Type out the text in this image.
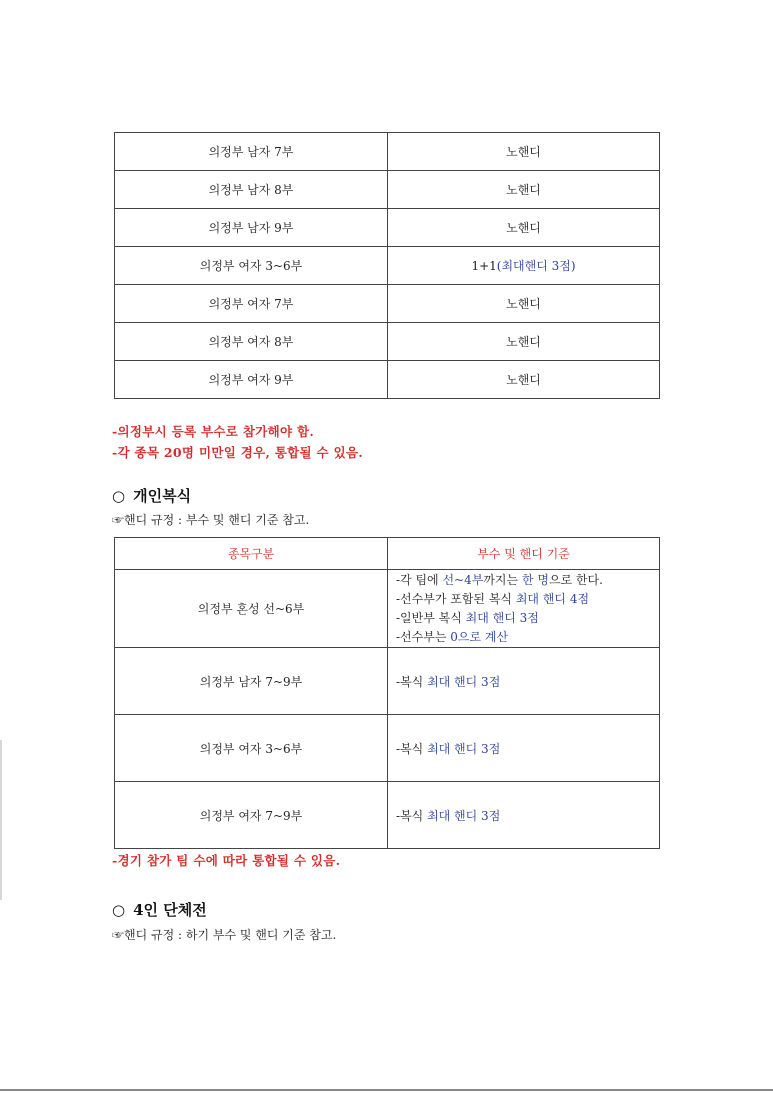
의정부 남자 7부	노핸디
의정부 남자 8부	노핸디
의정부 남자 9부	노핸디
의정부 여자 3~6부	1+1(최대핸디 3점)
의정부 여자 7부	노핸디
의정부 여자 8부	노핸디
의정부 여자 9부	노핸디
-의정부시 등록 부수로 참가해야 함.
-각 종목 20명 미만일 경우, 통합될 수 있음.
○ 개인복식
☞핸디 규정 : 부수 및 핸디 기준 참고.
종목구분	부수 및 핸디 기준
의정부 혼성 선~6부	-각 팀에 선~4부까지는 한 명으로 한다.
-선수부가 포함된 복식 최대 핸디 4점
-일반부 복식 최대 핸디 3점
-선수부는 0으로 계산

의정부 남자 7~9부	-복식 최대 핸디 3점
의정부 여자 3~6부	-복식 최대 핸디 3점
의정부 여자 7~9부	-복식 최대 핸디 3점
-경기 참가 팀 수에 따라 통합될 수 있음.
○ 4인 단체전
☞핸디 규정 : 하기 부수 및 핸디 기준 참고.
